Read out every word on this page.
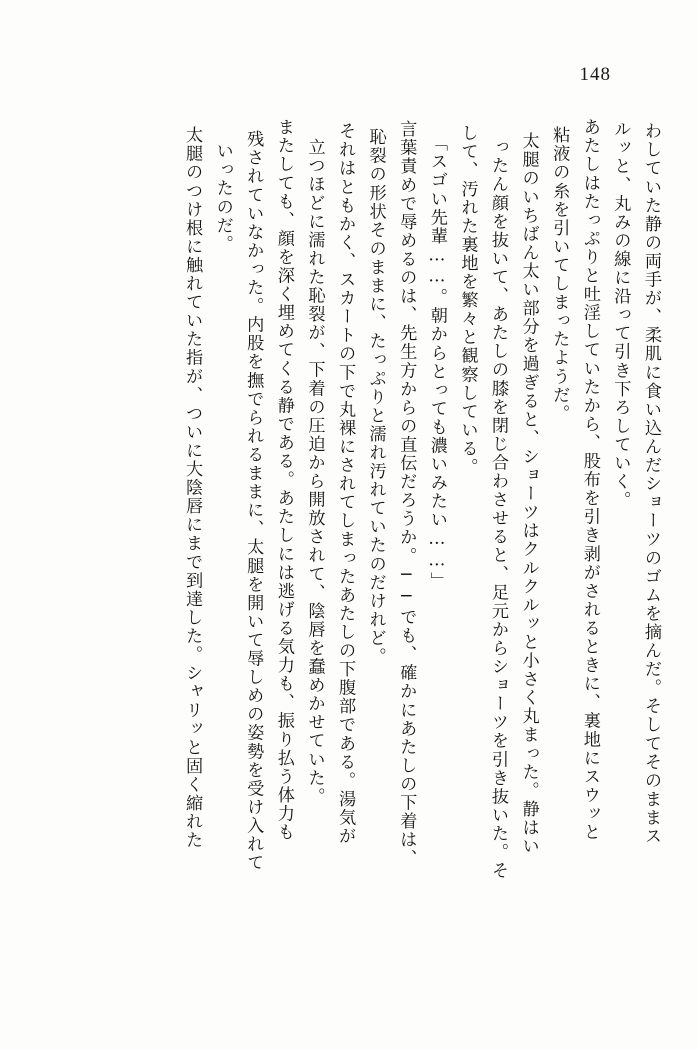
148
わしていた静の両手が、柔肌に食い込んだショーツのゴムを摘んだ。そしてそのままス
ルッと、丸みの線に沿って引き下ろしていく。
あたしはたっぷりと吐淫していたから、股布を引き剥がされるときに、裏地にスウッと
粘液の糸を引いてしまったようだ。
太腿のいちばん太い部分を過ぎると、ショーツはクルクルッと小さく丸まった。静はい
ったん顔を抜いて、あたしの膝を閉じ合わさせると、足元からショーツを引き抜いた。そ
して、汚れた裏地を繁々と観察している。
「スゴい先輩……。朝からとっても濃いみたい……」
言葉責めで辱めるのは、先生方からの直伝だろうか。──でも、確かにあたしの下着は、
恥裂の形状そのままに、たっぷりと濡れ汚れていたのだけれど。
それはともかく、スカートの下で丸裸にされてしまったあたしの下腹部である。湯気が
立つほどに濡れた恥裂が、下着の圧迫から開放されて、陰唇を蠢めかせていた。
またしても、顔を深く埋めてくる静である。あたしには逃げる気力も、振り払う体力も
残されていなかった。内股を撫でられるままに、太腿を開いて辱しめの姿勢を受け入れて
いったのだ。
太腿のつけ根に触れていた指が、ついに大陰唇にまで到達した。シャリッと固く縮れた
